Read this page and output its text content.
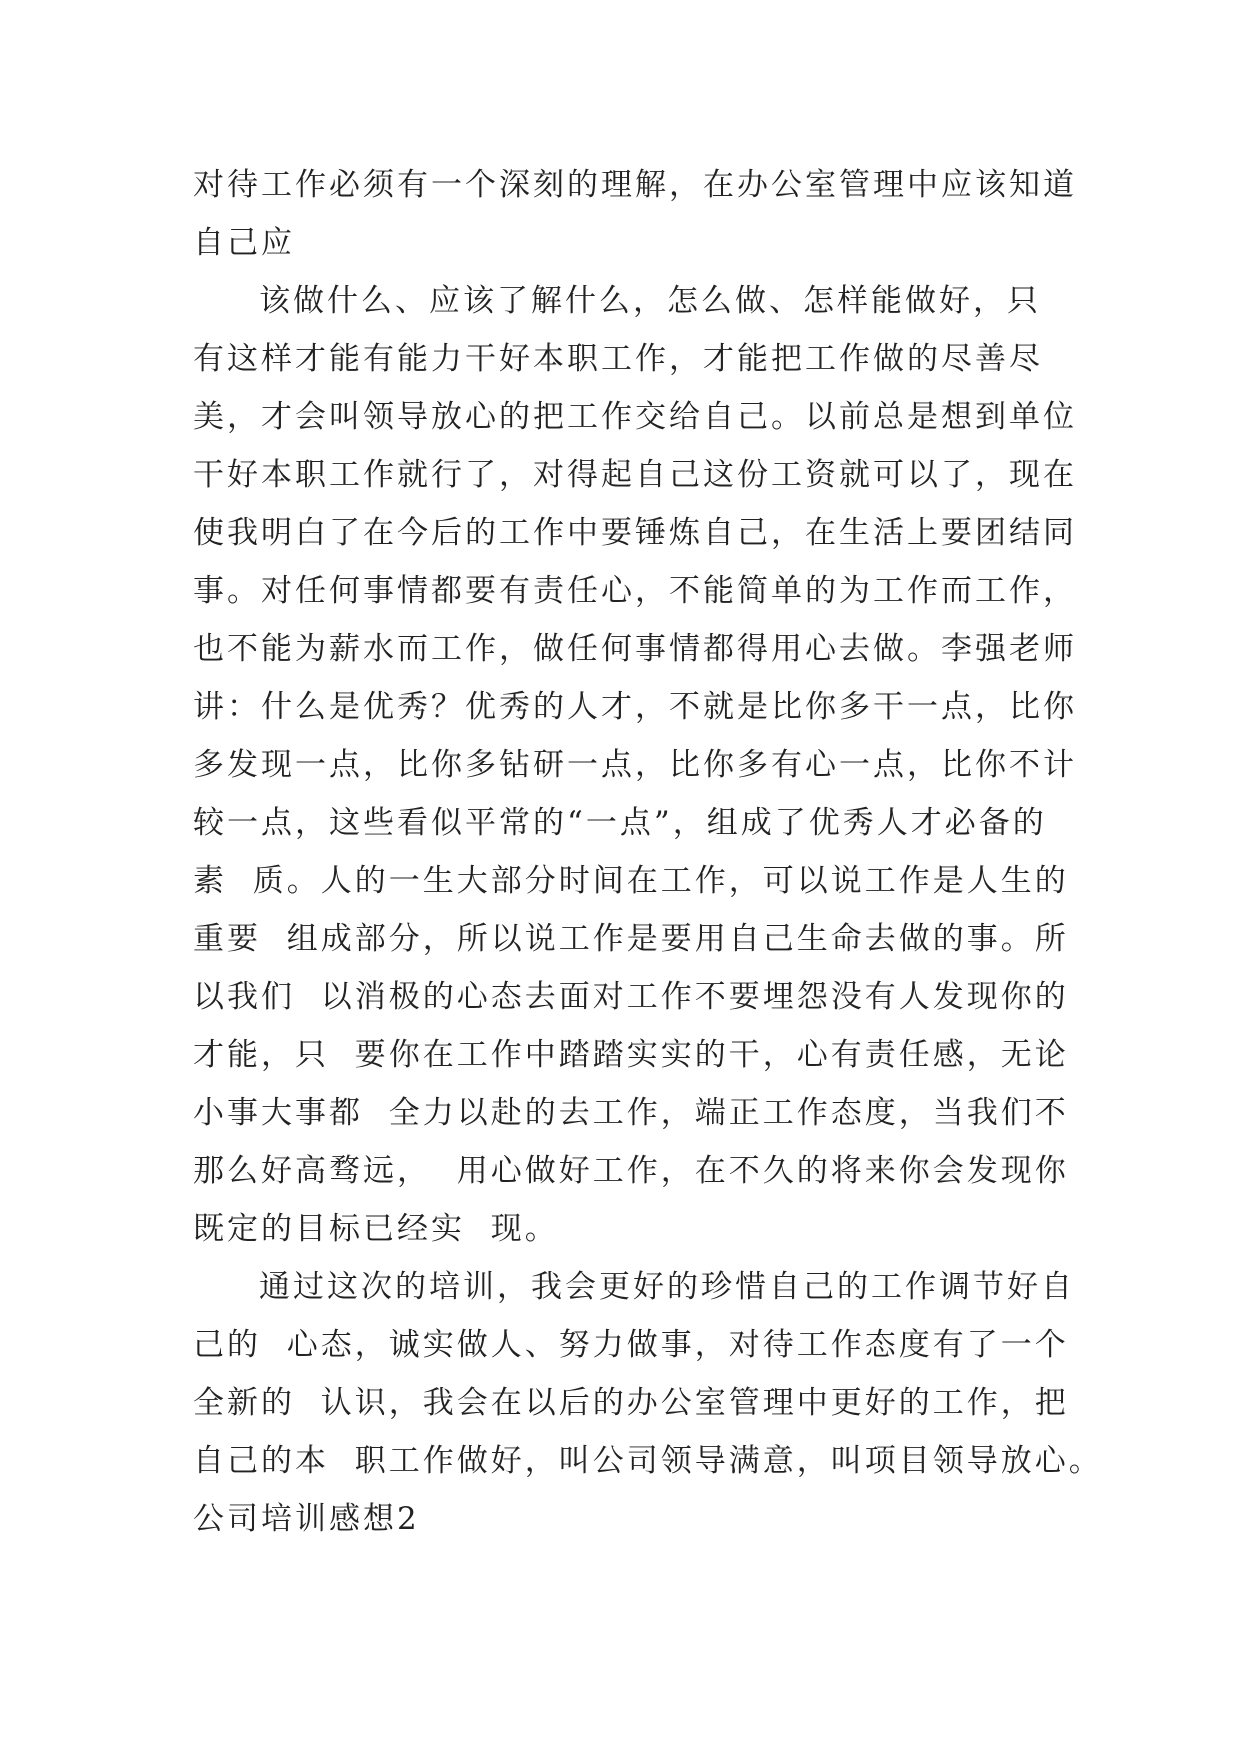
对待工作必须有一个深刻的理解，在办公室管理中应该知道
自己应
该做什么、应该了解什么，怎么做、怎样能做好，只
有这样才能有能力干好本职工作，才能把工作做的尽善尽
美，才会叫领导放心的把工作交给自己。以前总是想到单位
干好本职工作就行了，对得起自己这份工资就可以了，现在
使我明白了在今后的工作中要锤炼自己，在生活上要团结同
事。对任何事情都要有责任心，不能简单的为工作而工作，
也不能为薪水而工作，做任何事情都得用心去做。李强老师
讲：什么是优秀？优秀的人才，不就是比你多干一点，比你
多发现一点，比你多钻研一点，比你多有心一点，比你不计
较一点，这些看似平常的“一点”，组成了优秀人才必备的
素  质。人的一生大部分时间在工作，可以说工作是人生的
重要  组成部分，所以说工作是要用自己生命去做的事。所
以我们  以消极的心态去面对工作不要埋怨没有人发现你的
才能，只  要你在工作中踏踏实实的干，心有责任感，无论
小事大事都  全力以赴的去工作，端正工作态度，当我们不
那么好高骛远，  用心做好工作，在不久的将来你会发现你
既定的目标已经实  现。
通过这次的培训，我会更好的珍惜自己的工作调节好自
己的  心态，诚实做人、努力做事，对待工作态度有了一个
全新的  认识，我会在以后的办公室管理中更好的工作，把
自己的本  职工作做好，叫公司领导满意，叫项目领导放心。
公司培训感想2
